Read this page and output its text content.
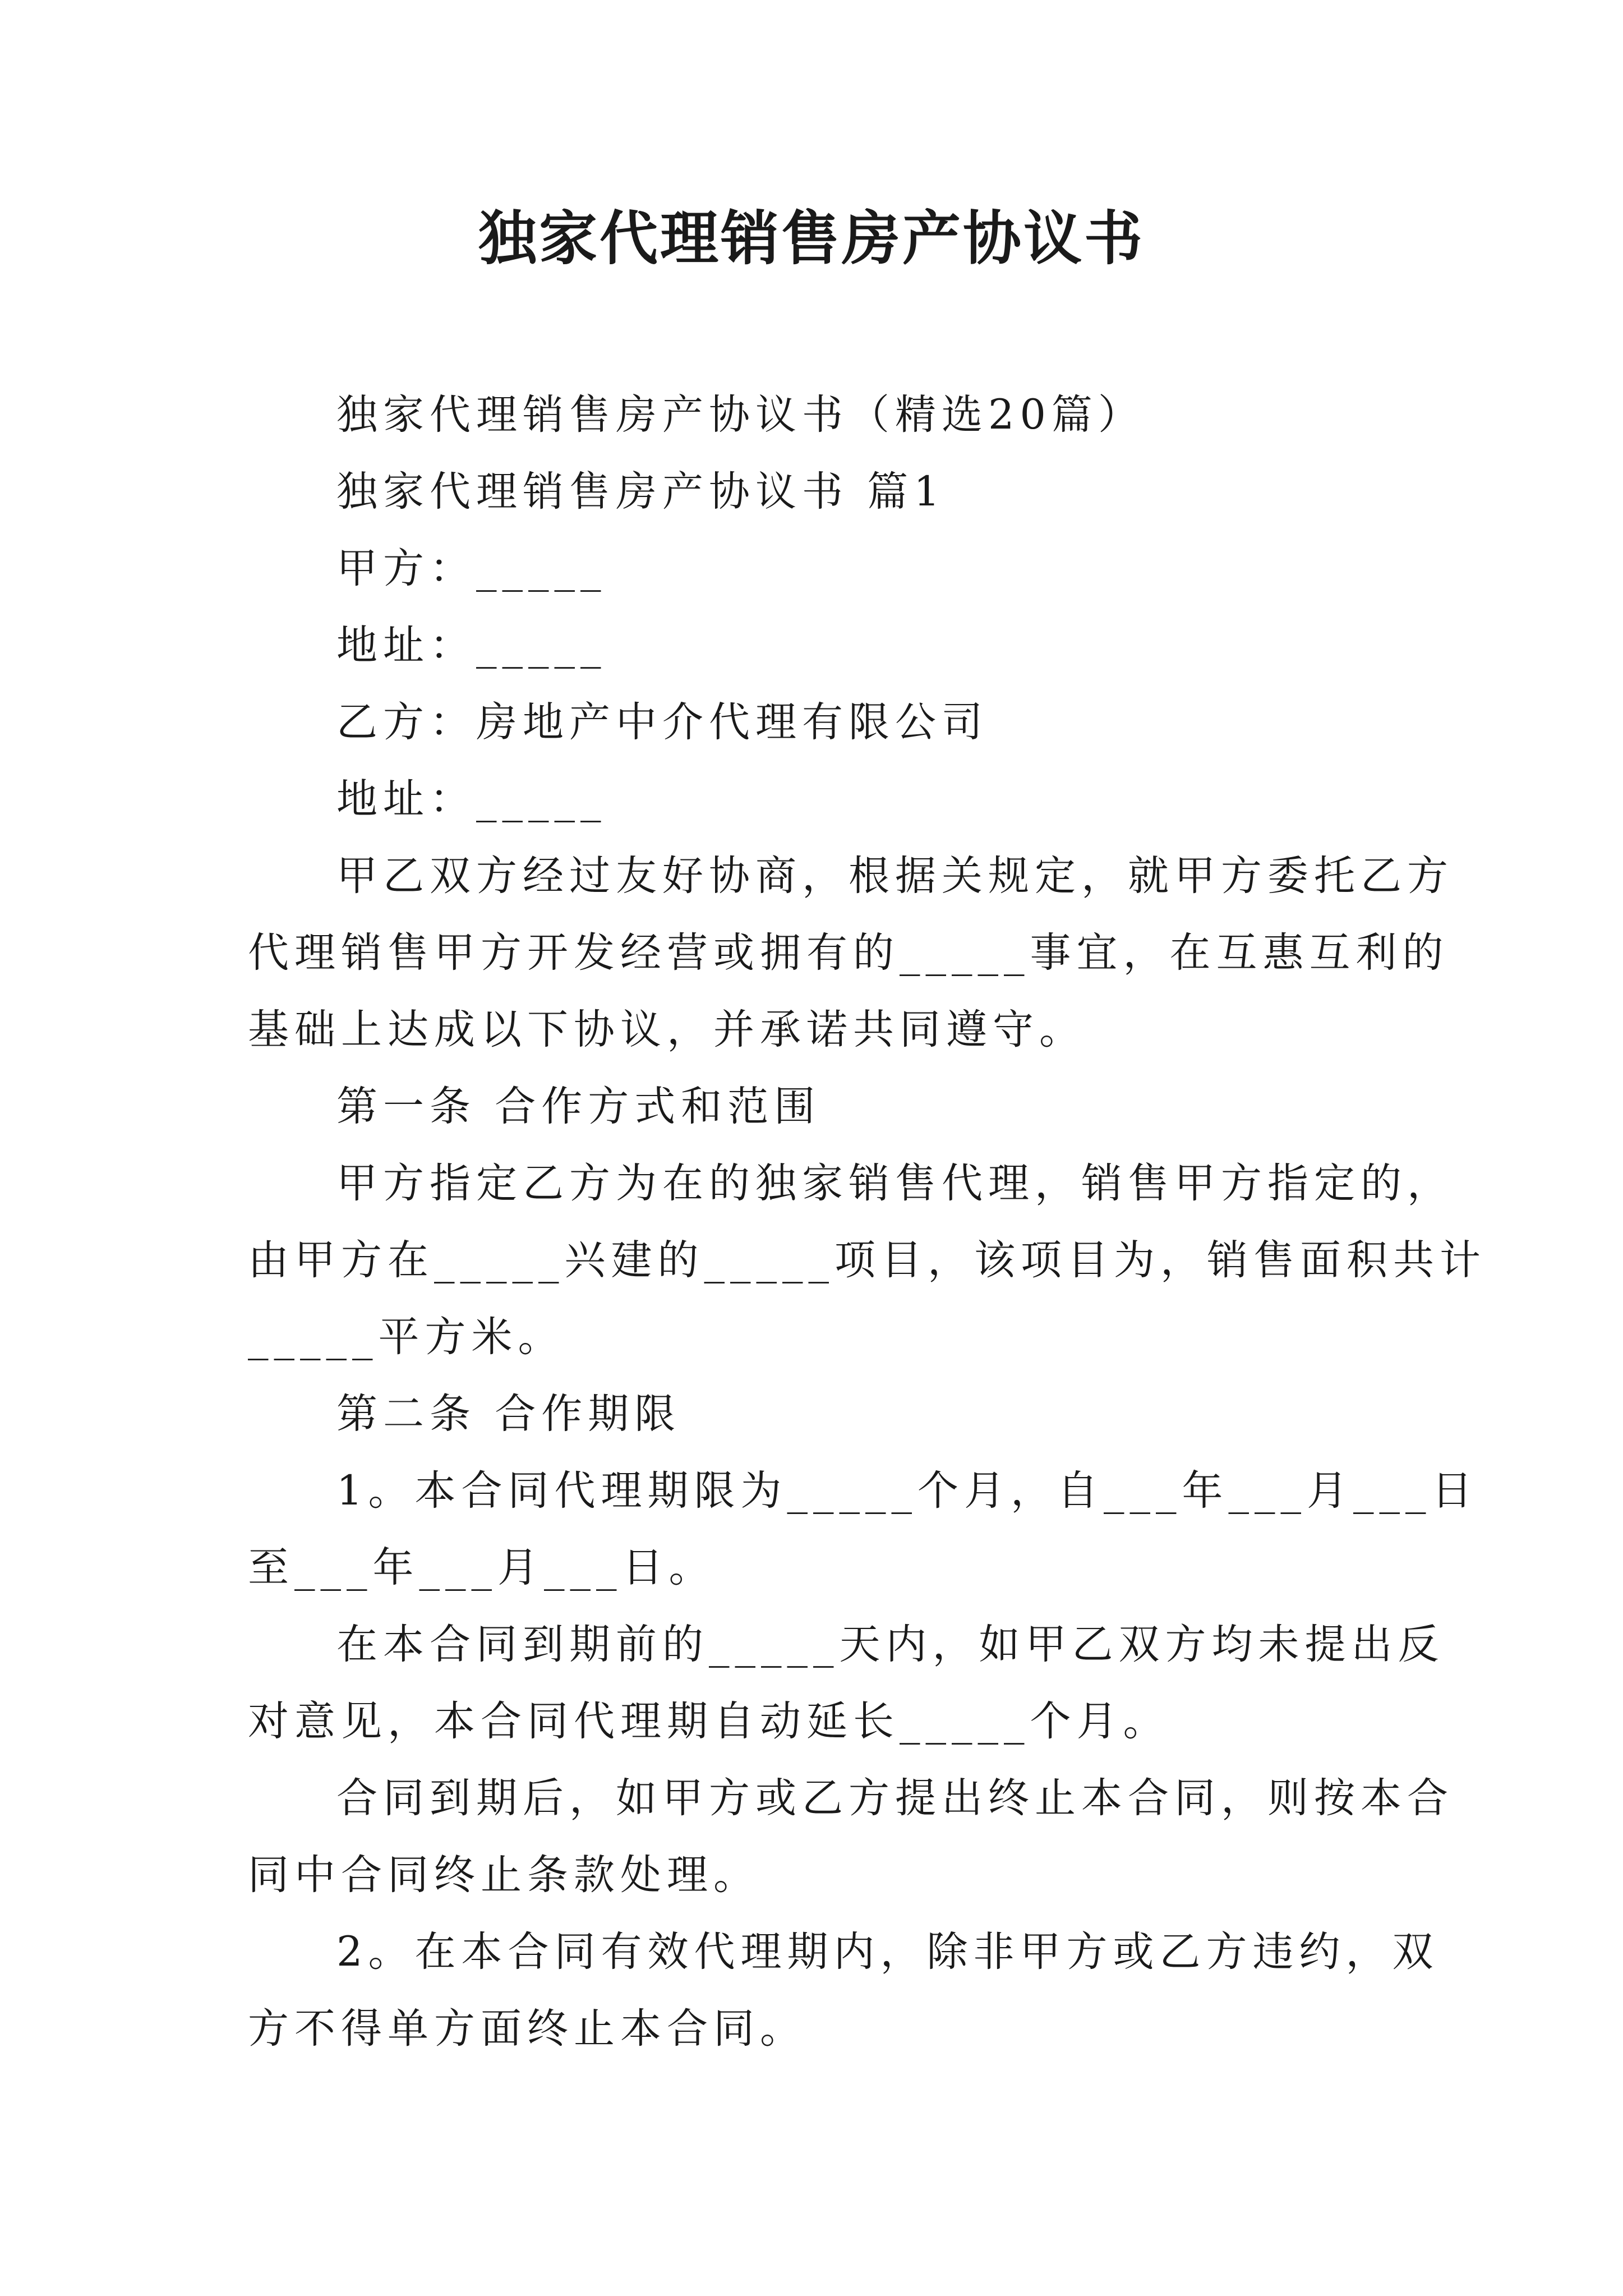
独家代理销售房产协议书
独家代理销售房产协议书（精选20篇）
独家代理销售房产协议书 篇1
甲方：_____
地址：_____
乙方：房地产中介代理有限公司
地址：_____
甲乙双方经过友好协商，根据关规定，就甲方委托乙方
代理销售甲方开发经营或拥有的_____事宜，在互惠互利的
基础上达成以下协议，并承诺共同遵守。
第一条 合作方式和范围
甲方指定乙方为在的独家销售代理，销售甲方指定的，
由甲方在_____兴建的_____项目，该项目为，销售面积共计
_____平方米。
第二条 合作期限
1。本合同代理期限为_____个月，自___年___月___日
至___年___月___日。
在本合同到期前的_____天内，如甲乙双方均未提出反
对意见，本合同代理期自动延长_____个月。
合同到期后，如甲方或乙方提出终止本合同，则按本合
同中合同终止条款处理。
2。在本合同有效代理期内，除非甲方或乙方违约，双
方不得单方面终止本合同。
